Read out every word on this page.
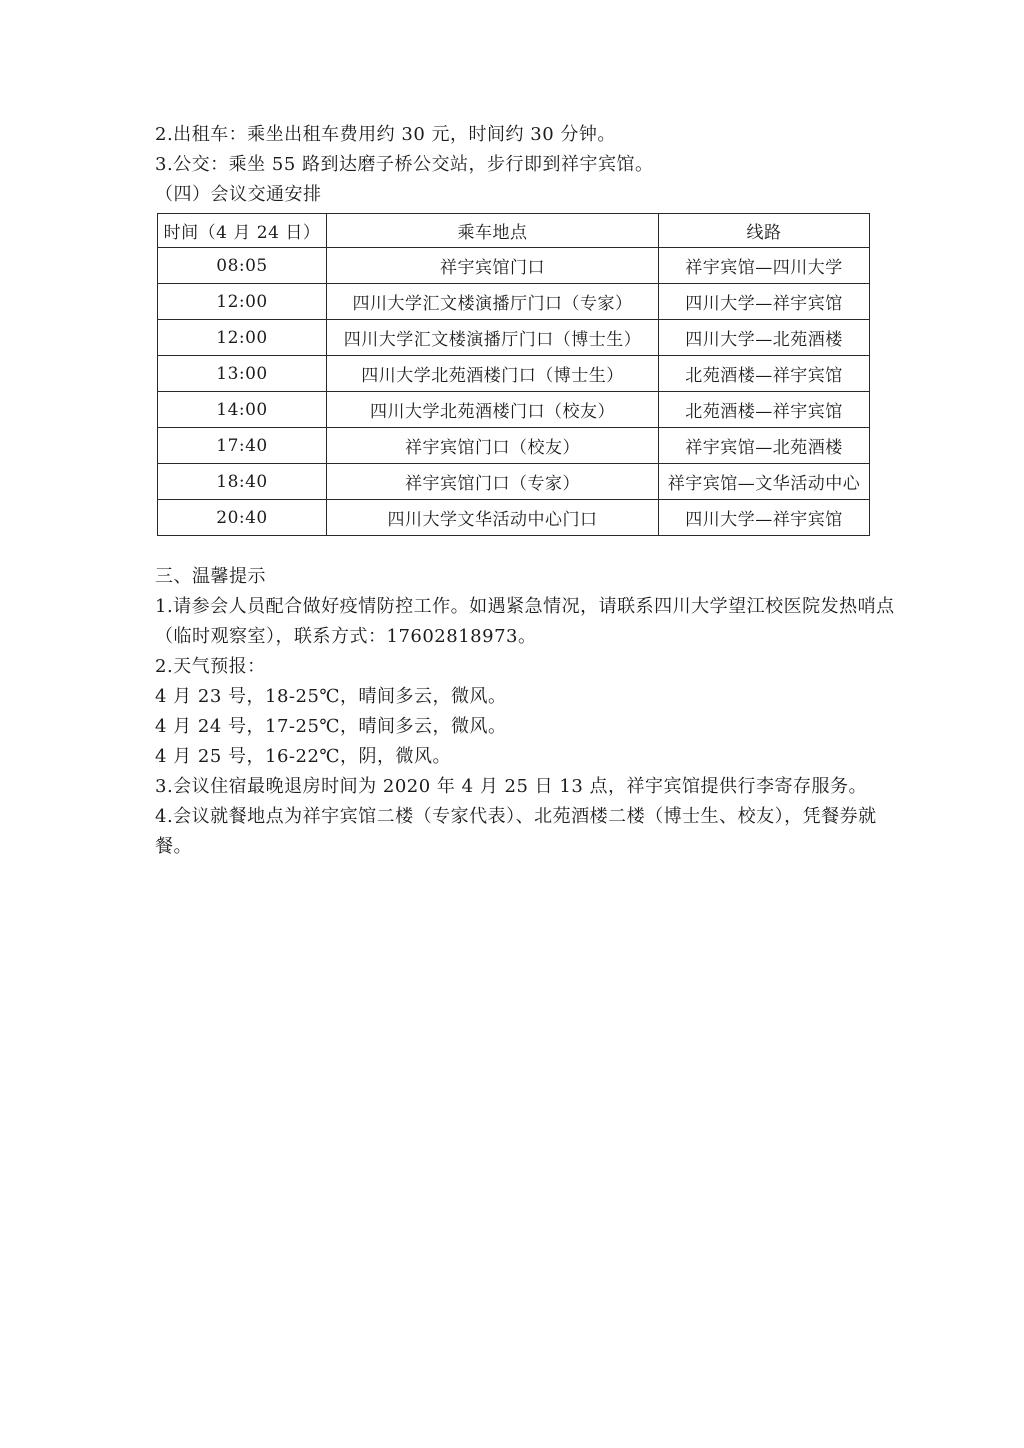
2.出租车：乘坐出租车费用约 30 元，时间约 30 分钟。

3.公交：乘坐 55 路到达磨子桥公交站，步行即到祥宇宾馆。

（四）会议交通安排

时间（4 月 24 日）	乘车地点	线路
08:05	祥宇宾馆门口	祥宇宾馆—四川大学
12:00	四川大学汇文楼演播厅门口（专家）	四川大学—祥宇宾馆
12:00	四川大学汇文楼演播厅门口（博士生）	四川大学—北苑酒楼
13:00	四川大学北苑酒楼门口（博士生）	北苑酒楼—祥宇宾馆
14:00	四川大学北苑酒楼门口（校友）	北苑酒楼—祥宇宾馆
17:40	祥宇宾馆门口（校友）	祥宇宾馆—北苑酒楼
18:40	祥宇宾馆门口（专家）	祥宇宾馆—文华活动中心
20:40	四川大学文华活动中心门口	四川大学—祥宇宾馆

三、温馨提示

1.请参会人员配合做好疫情防控工作。如遇紧急情况，请联系四川大学望江校医院发热哨点

（临时观察室），联系方式：17602818973。

2.天气预报：

4 月 23 号，18-25℃，晴间多云，微风。

4 月 24 号，17-25℃，晴间多云，微风。

4 月 25 号，16-22℃，阴，微风。

3.会议住宿最晚退房时间为 2020 年 4 月 25 日 13 点，祥宇宾馆提供行李寄存服务。

4.会议就餐地点为祥宇宾馆二楼（专家代表）、北苑酒楼二楼（博士生、校友），凭餐券就

餐。
